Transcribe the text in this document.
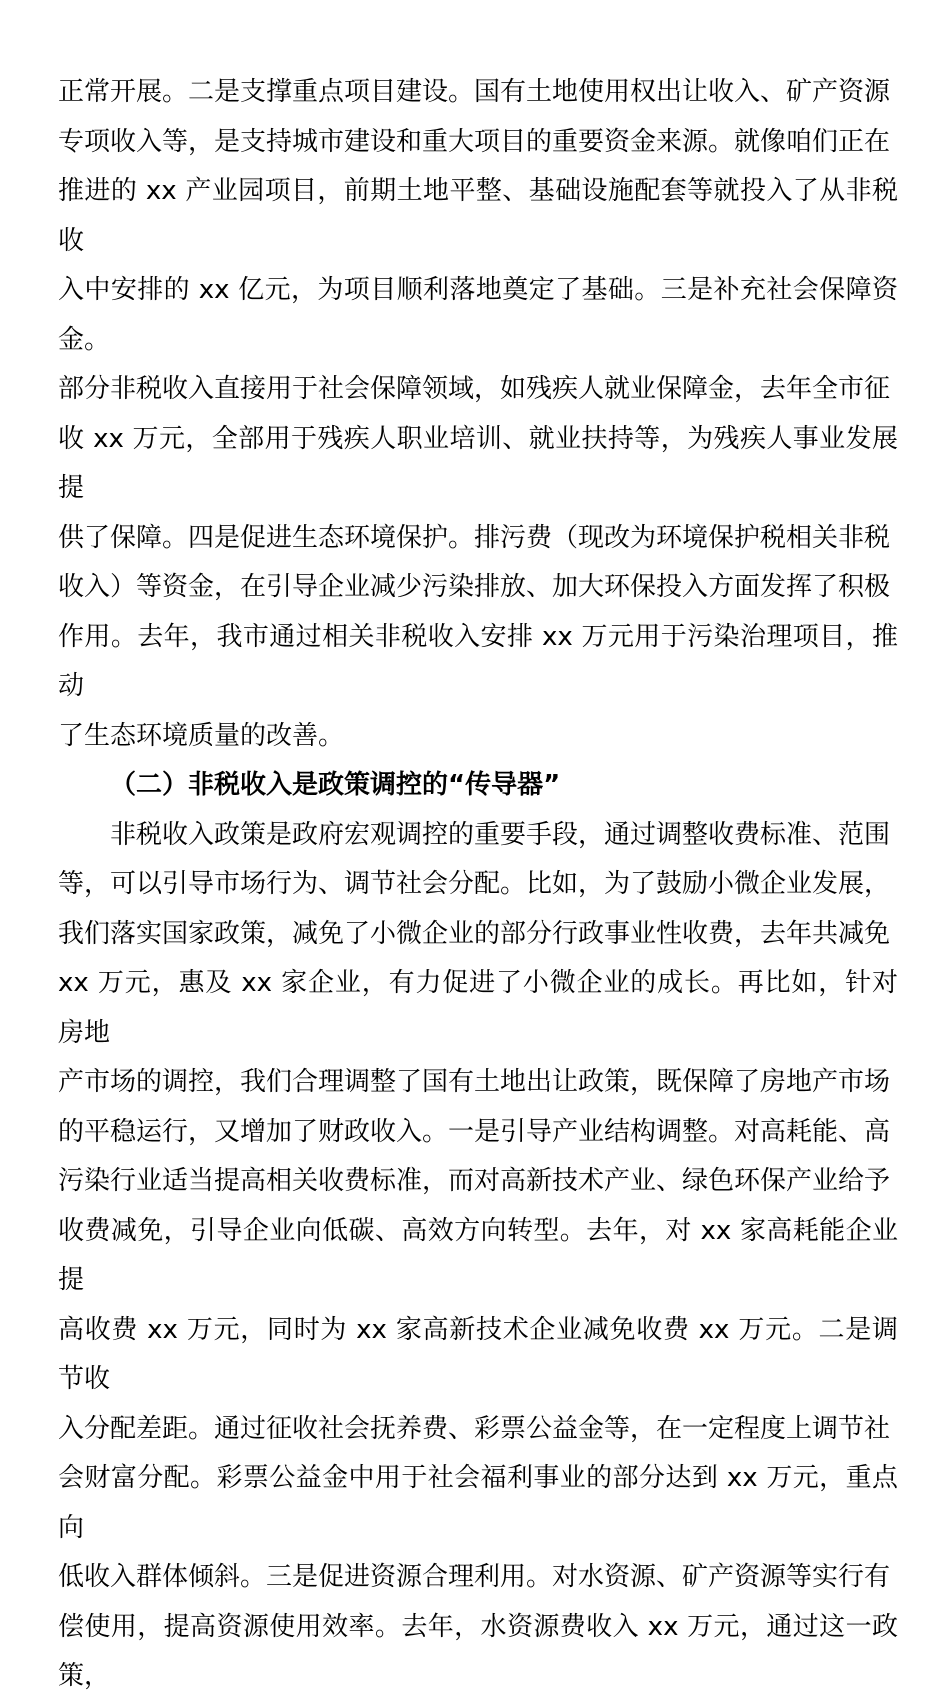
正常开展。二是支撑重点项目建设。国有土地使用权出让收入、矿产资源
专项收入等，是支持城市建设和重大项目的重要资金来源。就像咱们正在
推进的 xx 产业园项目，前期土地平整、基础设施配套等就投入了从非税收
入中安排的 xx 亿元，为项目顺利落地奠定了基础。三是补充社会保障资金。
部分非税收入直接用于社会保障领域，如残疾人就业保障金，去年全市征
收 xx 万元，全部用于残疾人职业培训、就业扶持等，为残疾人事业发展提
供了保障。四是促进生态环境保护。排污费（现改为环境保护税相关非税
收入）等资金，在引导企业减少污染排放、加大环保投入方面发挥了积极
作用。去年，我市通过相关非税收入安排 xx 万元用于污染治理项目，推动
了生态环境质量的改善。

（二）非税收入是政策调控的“传导器”

非税收入政策是政府宏观调控的重要手段，通过调整收费标准、范围
等，可以引导市场行为、调节社会分配。比如，为了鼓励小微企业发展，
我们落实国家政策，减免了小微企业的部分行政事业性收费，去年共减免
xx 万元，惠及 xx 家企业，有力促进了小微企业的成长。再比如，针对房地
产市场的调控，我们合理调整了国有土地出让政策，既保障了房地产市场
的平稳运行，又增加了财政收入。一是引导产业结构调整。对高耗能、高
污染行业适当提高相关收费标准，而对高新技术产业、绿色环保产业给予
收费减免，引导企业向低碳、高效方向转型。去年，对 xx 家高耗能企业提
高收费 xx 万元，同时为 xx 家高新技术企业减免收费 xx 万元。二是调节收
入分配差距。通过征收社会抚养费、彩票公益金等，在一定程度上调节社
会财富分配。彩票公益金中用于社会福利事业的部分达到 xx 万元，重点向
低收入群体倾斜。三是促进资源合理利用。对水资源、矿产资源等实行有
偿使用，提高资源使用效率。去年，水资源费收入 xx 万元，通过这一政策，
